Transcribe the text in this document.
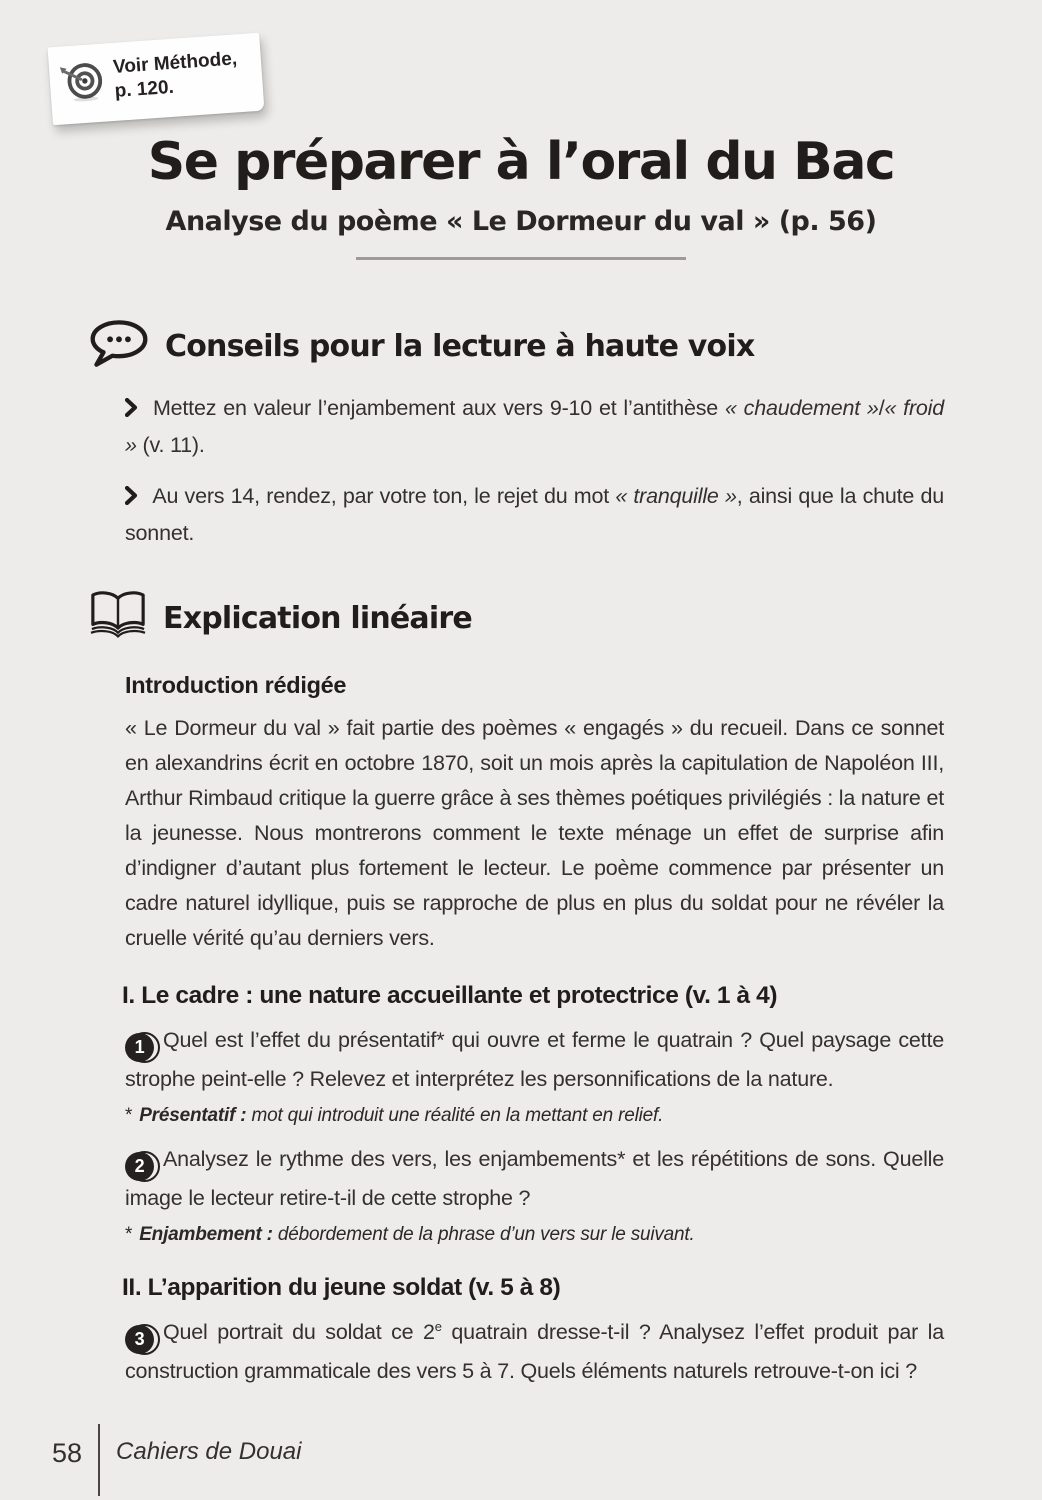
Voir Méthode,
p. 120.
Se préparer à l’oral du Bac
Analyse du poème « Le Dormeur du val » (p. 56)
Conseils pour la lecture à haute voix

Mettez en valeur l’enjambement aux vers 9-10 et l’antithèse « chaudement »/« froid » (v. 11).

Au vers 14, rendez, par votre ton, le rejet du mot « tranquille », ainsi que la chute du sonnet.

Explication linéaire
Introduction rédigée

« Le Dormeur du val » fait partie des poèmes « engagés » du recueil. Dans ce sonnet en alexandrins écrit en octobre 1870, soit un mois après la capitulation de Napoléon III, Arthur Rimbaud critique la guerre grâce à ses thèmes poétiques privilégiés : la nature et la jeunesse. Nous montrerons comment le texte ménage un effet de surprise afin d’indigner d’autant plus fortement le lecteur. Le poème commence par présenter un cadre naturel idyllique, puis se rapproche de plus en plus du soldat pour ne révéler la cruelle vérité qu’au derniers vers.

I. Le cadre : une nature accueillante et protectrice (v. 1 à 4)

1 Quel est l’effet du présentatif* qui ouvre et ferme le quatrain ? Quel paysage cette strophe peint-elle ? Relevez et interprétez les personnifications de la nature.

* Présentatif : mot qui introduit une réalité en la mettant en relief.

2 Analysez le rythme des vers, les enjambements* et les répétitions de sons. Quelle image le lecteur retire-t-il de cette strophe ?

* Enjambement : débordement de la phrase d’un vers sur le suivant.

II. L’apparition du jeune soldat (v. 5 à 8)

3 Quel portrait du soldat ce 2e quatrain dresse-t-il ? Analysez l’effet produit par la construction grammaticale des vers 5 à 7. Quels éléments naturels retrouve-t-on ici ?

58 Cahiers de Douai
